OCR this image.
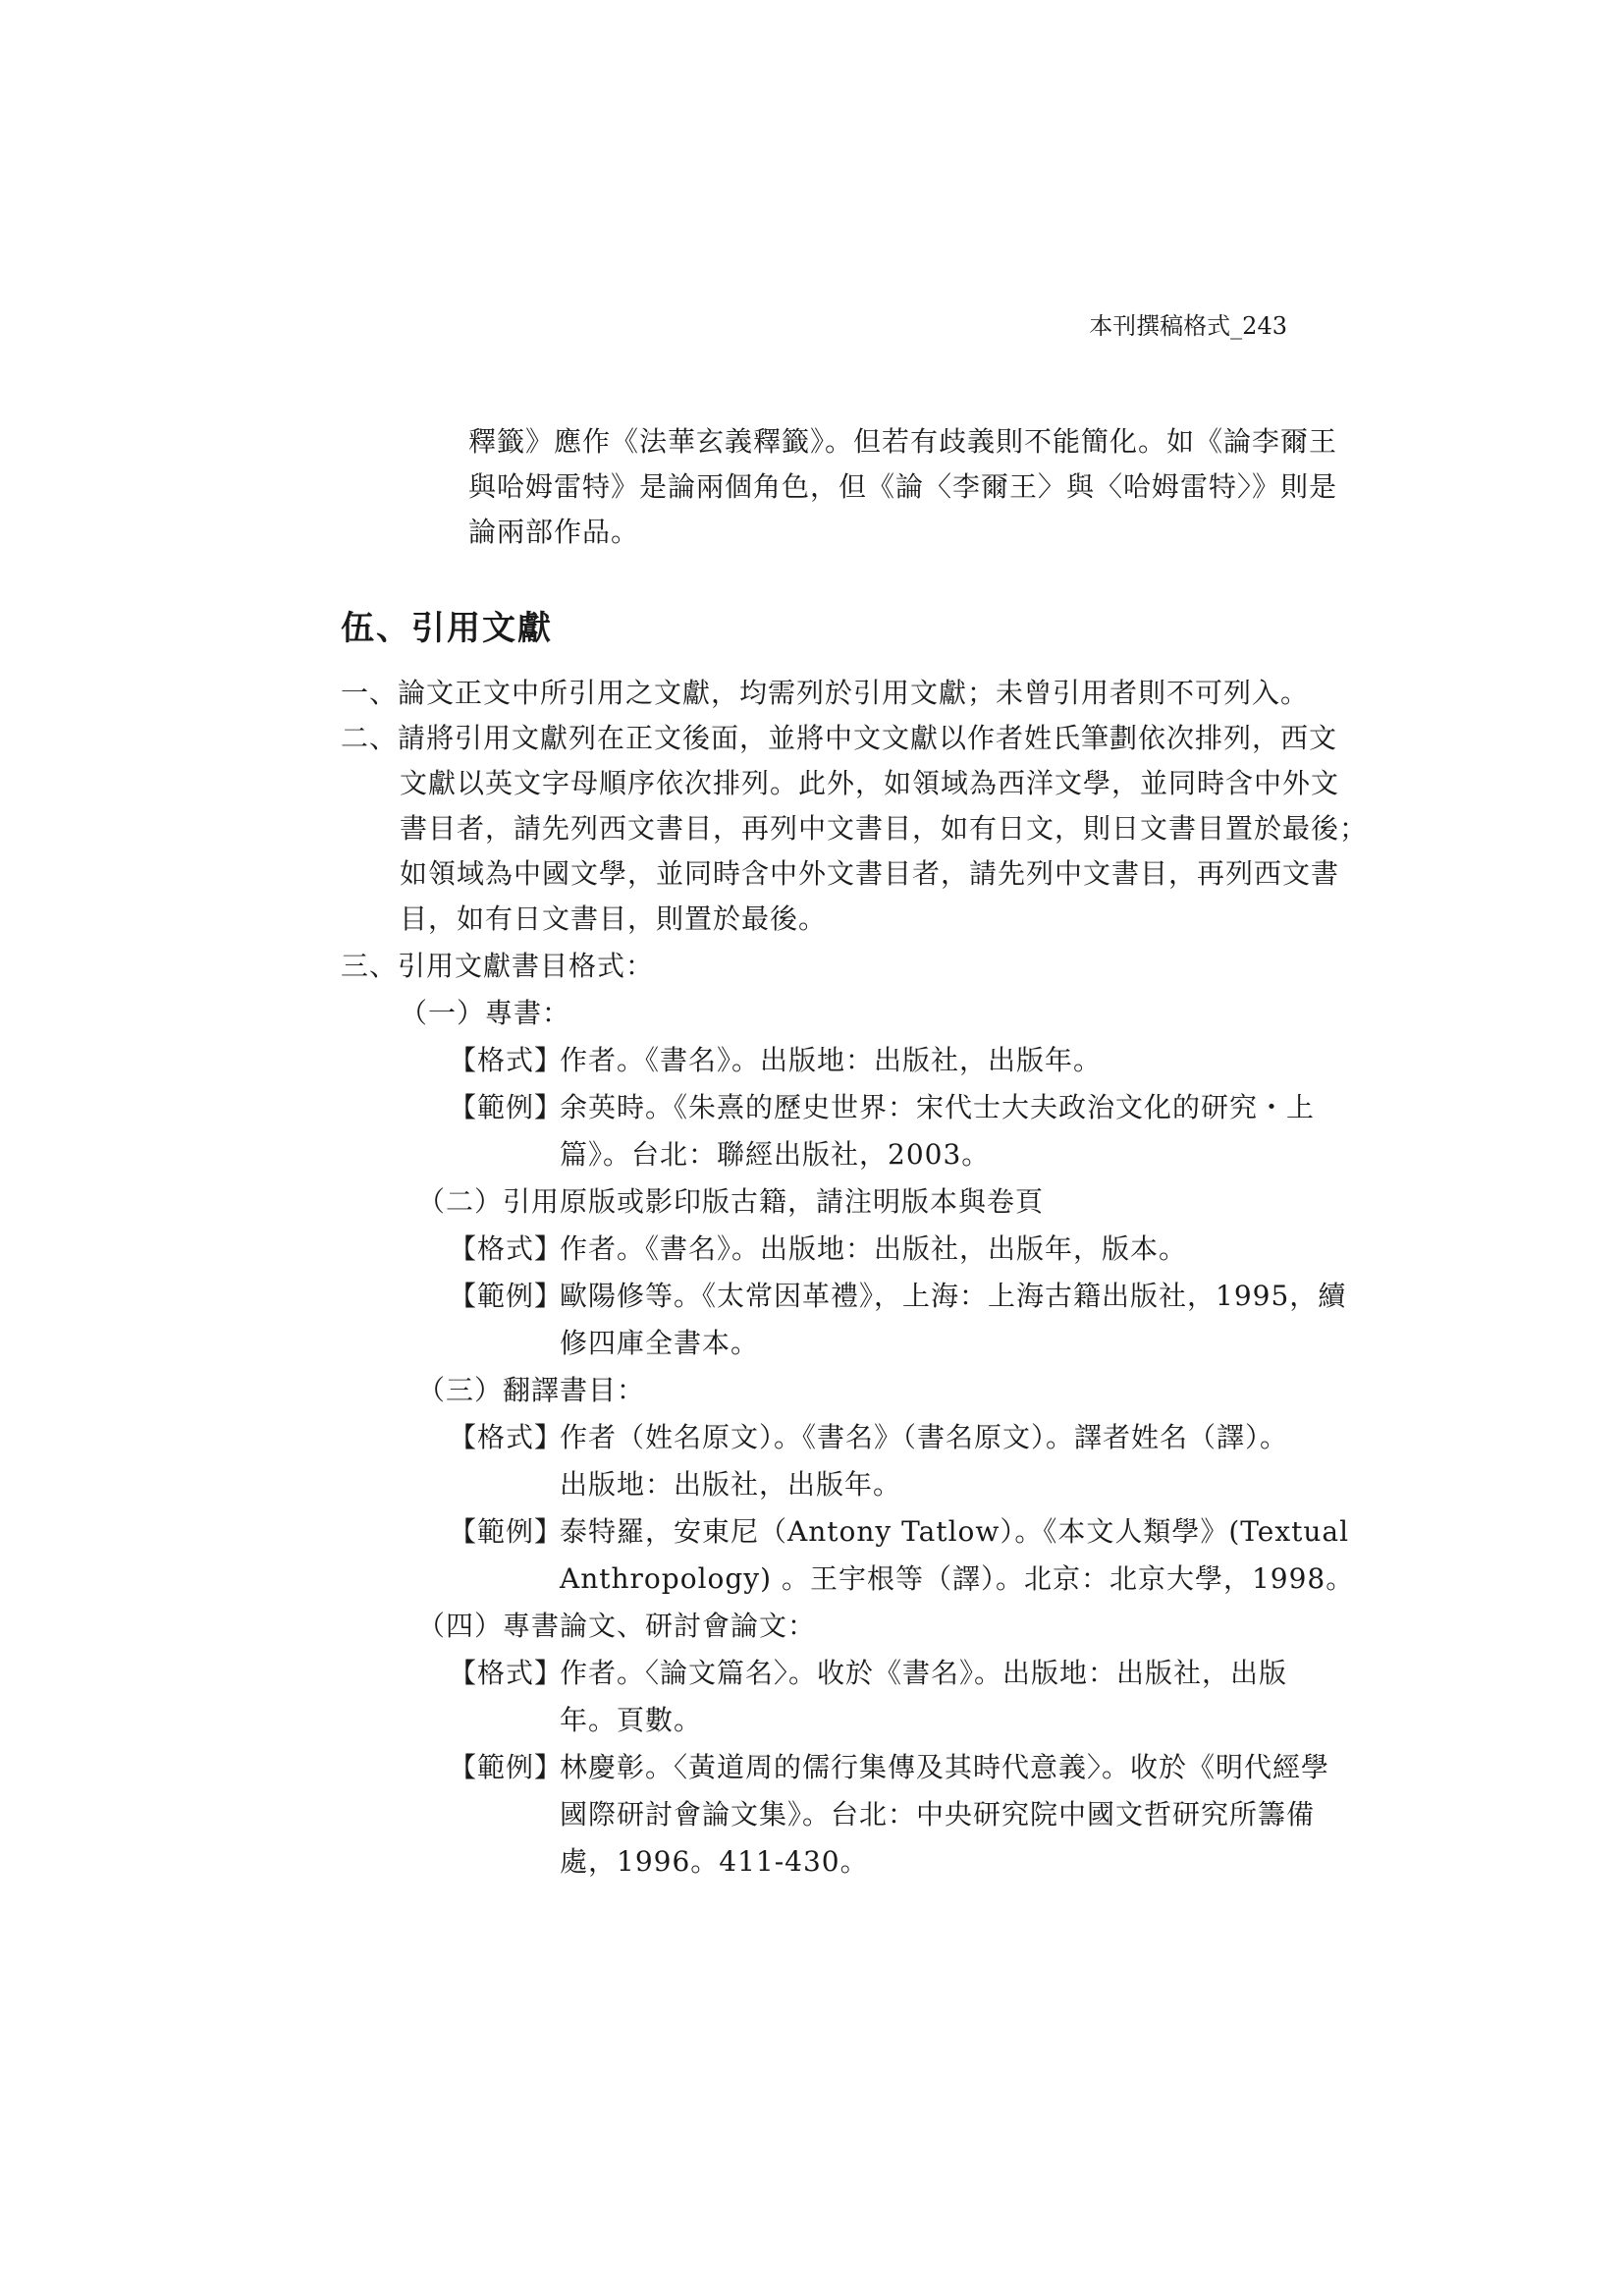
本刊撰稿格式_243
釋籤》應作《法華玄義釋籤》。但若有歧義則不能簡化。如《論李爾王
與哈姆雷特》是論兩個角色，但《論〈李爾王〉與〈哈姆雷特〉》則是
論兩部作品。
伍、引用文獻
一、論文正文中所引用之文獻，均需列於引用文獻；未曾引用者則不可列入。
二、請將引用文獻列在正文後面，並將中文文獻以作者姓氏筆劃依次排列，西文
文獻以英文字母順序依次排列。此外，如領域為西洋文學，並同時含中外文
書目者，請先列西文書目，再列中文書目，如有日文，則日文書目置於最後；
如領域為中國文學，並同時含中外文書目者，請先列中文書目，再列西文書
目，如有日文書目，則置於最後。
三、引用文獻書目格式：
（一）專書：
【格式】
作者。《書名》。出版地：出版社，出版年。
【範例】
余英時。《朱熹的歷史世界：宋代士大夫政治文化的研究・上
篇》。台北：聯經出版社，2003。
（二）引用原版或影印版古籍，請注明版本與卷頁
【格式】
作者。《書名》。出版地：出版社，出版年，版本。
【範例】
歐陽修等。《太常因革禮》，上海：上海古籍出版社，1995，續
修四庫全書本。
（三）翻譯書目：
【格式】
作者（姓名原文）。《書名》（書名原文）。譯者姓名（譯）。
出版地：出版社，出版年。
【範例】
泰特羅，安東尼（Antony Tatlow）。《本文人類學》(Textual
Anthropology) 。王宇根等（譯）。北京：北京大學，1998。
（四）專書論文、研討會論文：
【格式】
作者。〈論文篇名〉。收於《書名》。出版地：出版社，出版
年。頁數。
【範例】
林慶彰。〈黃道周的儒行集傳及其時代意義〉。收於《明代經學
國際研討會論文集》。台北：中央研究院中國文哲研究所籌備
處，1996。411-430。
